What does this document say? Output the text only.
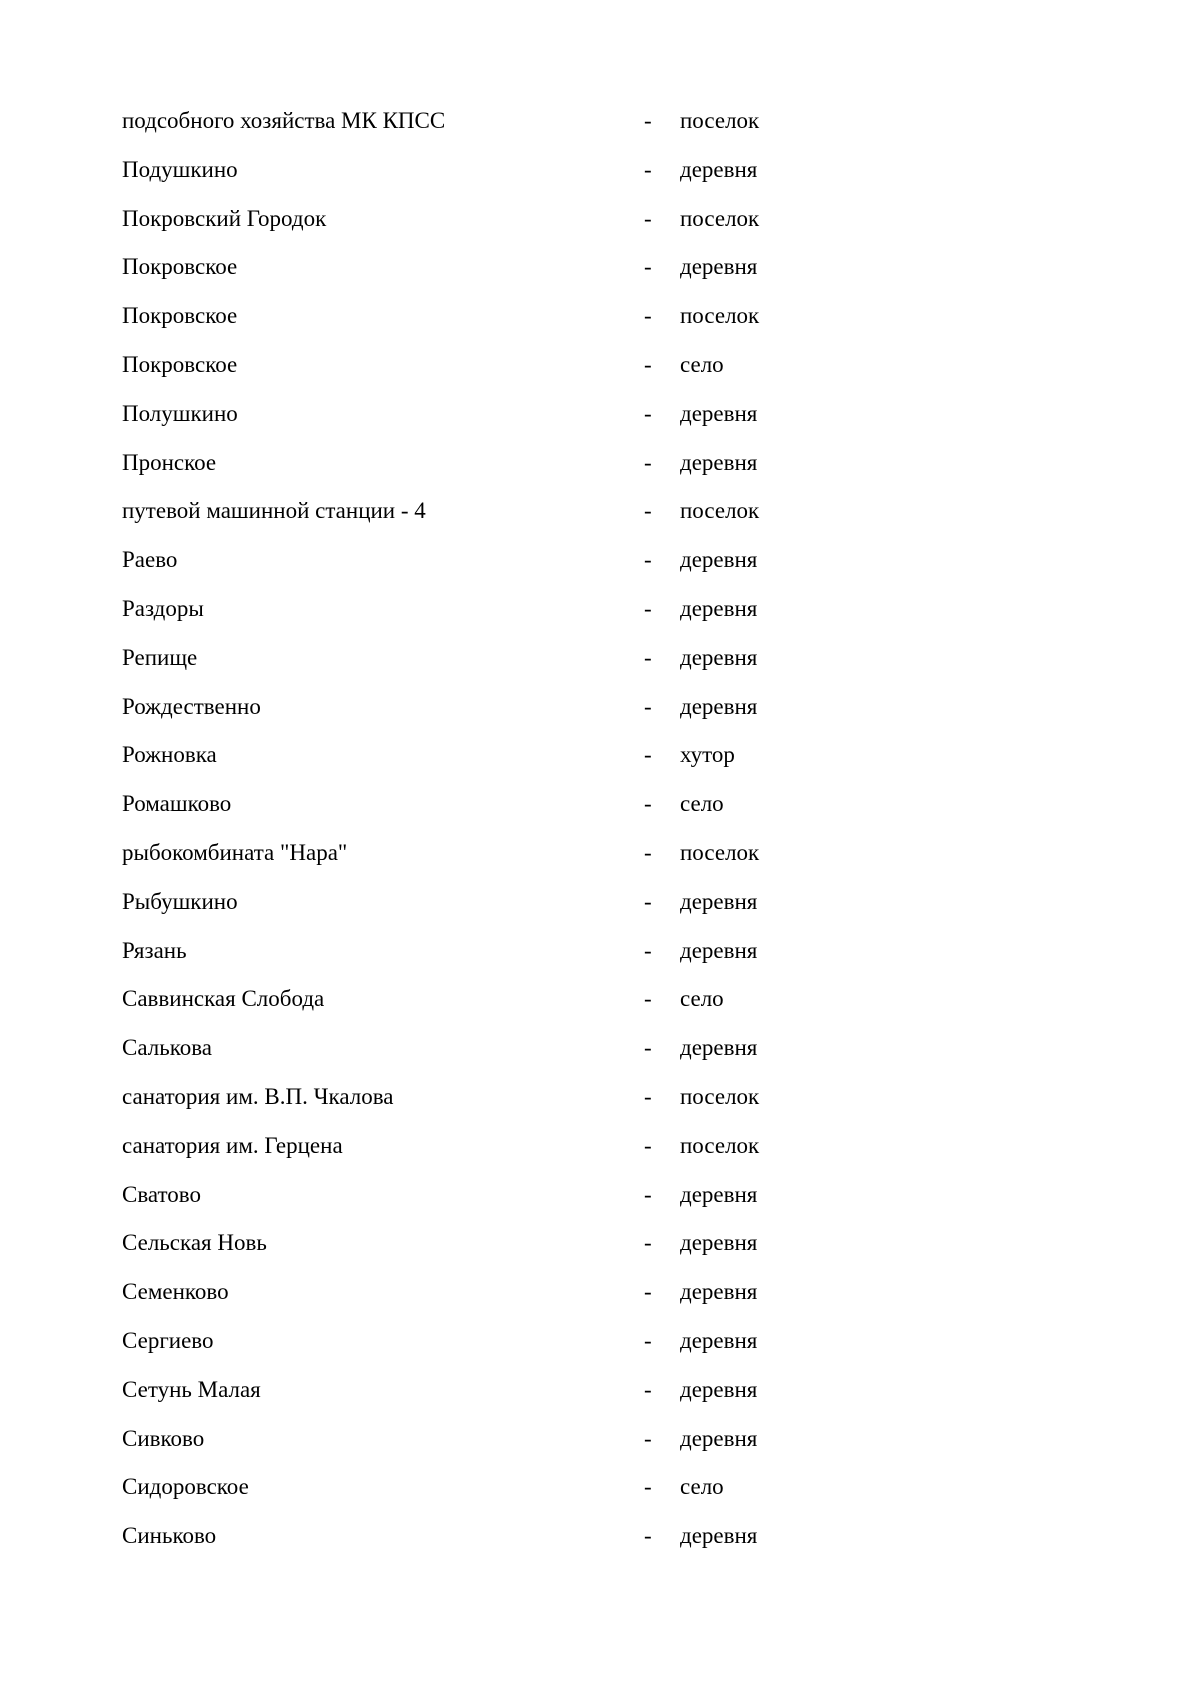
подсобного хозяйства МК КПСС	- поселок
Подушкино	- деревня
Покровский Городок	- поселок
Покровское	- деревня
Покровское	- поселок
Покровское	- село
Полушкино	- деревня
Пронское	- деревня
путевой машинной станции - 4	- поселок
Раево	- деревня
Раздоры	- деревня
Репище	- деревня
Рождественно	- деревня
Рожновка	- хутор
Ромашково	- село
рыбокомбината "Нара"	- поселок
Рыбушкино	- деревня
Рязань	- деревня
Саввинская Слобода	- село
Салькова	- деревня
санатория им. В.П. Чкалова	- поселок
санатория им. Герцена	- поселок
Сватово	- деревня
Сельская Новь	- деревня
Семенково	- деревня
Сергиево	- деревня
Сетунь Малая	- деревня
Сивково	- деревня
Сидоровское	- село
Синьково	- деревня
